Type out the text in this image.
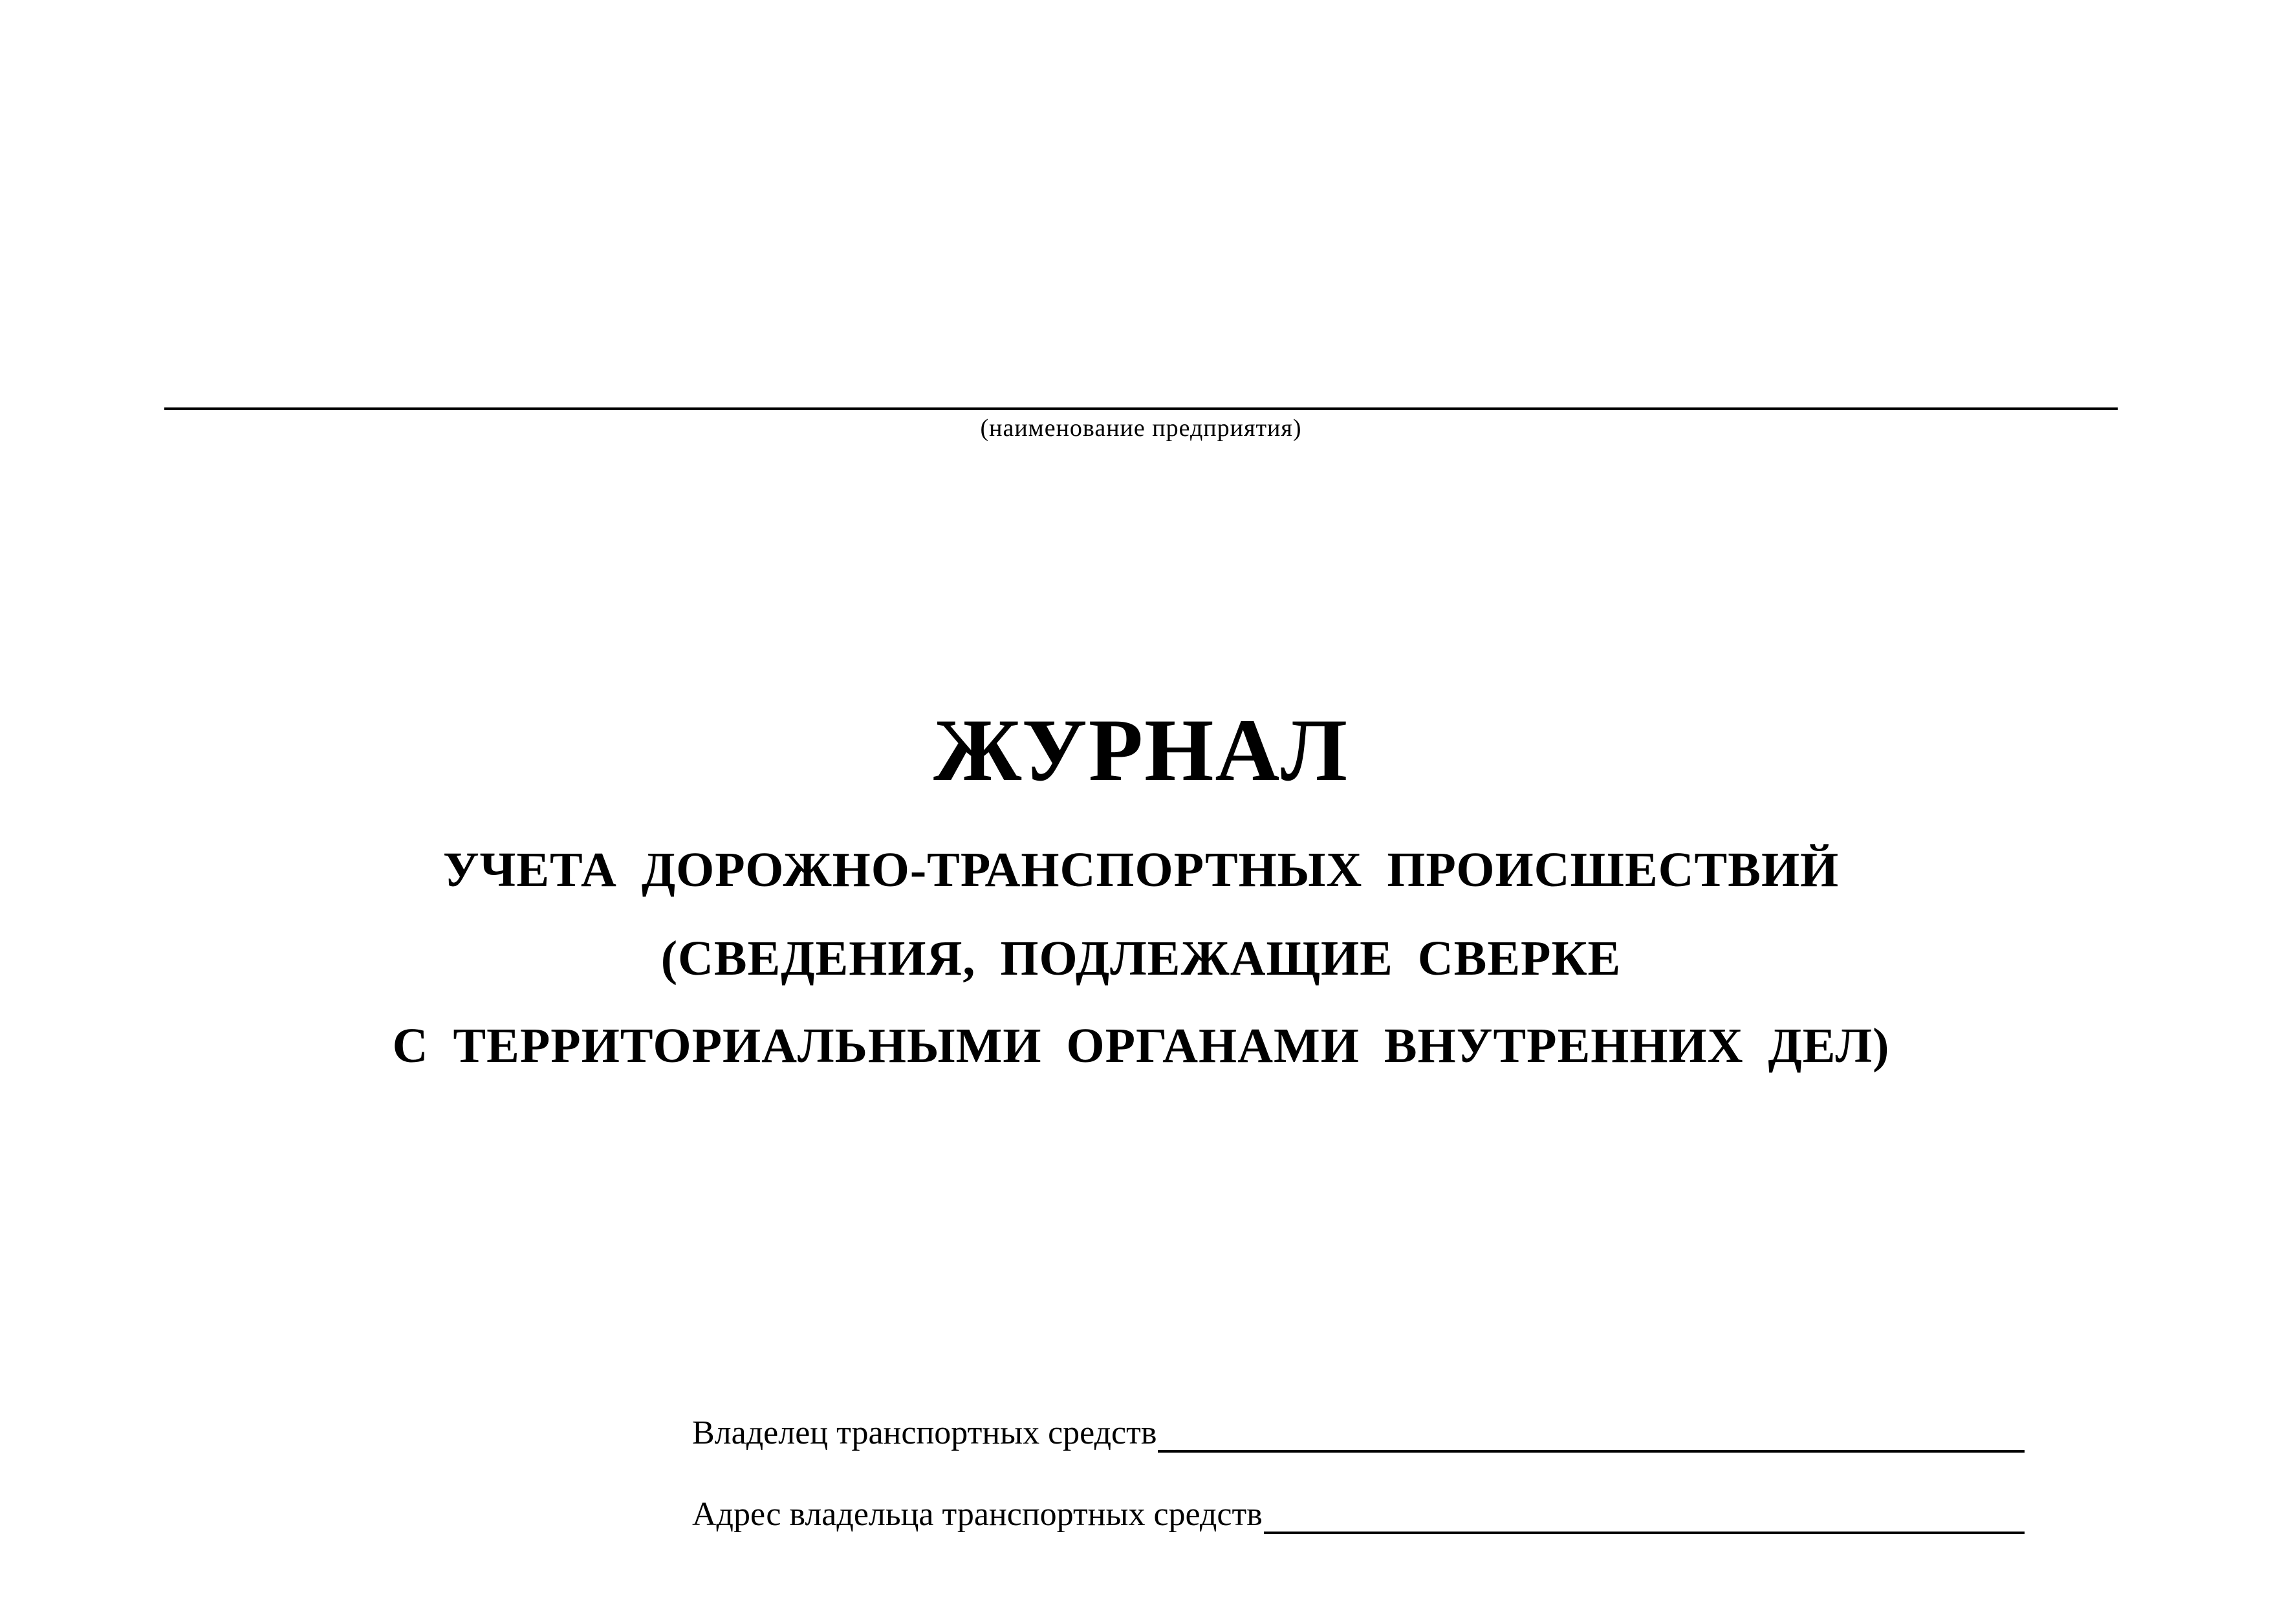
(наименование предприятия)
ЖУРНАЛ
УЧЕТА ДОРОЖНО-ТРАНСПОРТНЫХ ПРОИСШЕСТВИЙ
(СВЕДЕНИЯ, ПОДЛЕЖАЩИЕ СВЕРКЕ
С ТЕРРИТОРИАЛЬНЫМИ ОРГАНАМИ ВНУТРЕННИХ ДЕЛ)
Владелец транспортных средств
Адрес владельца транспортных средств
